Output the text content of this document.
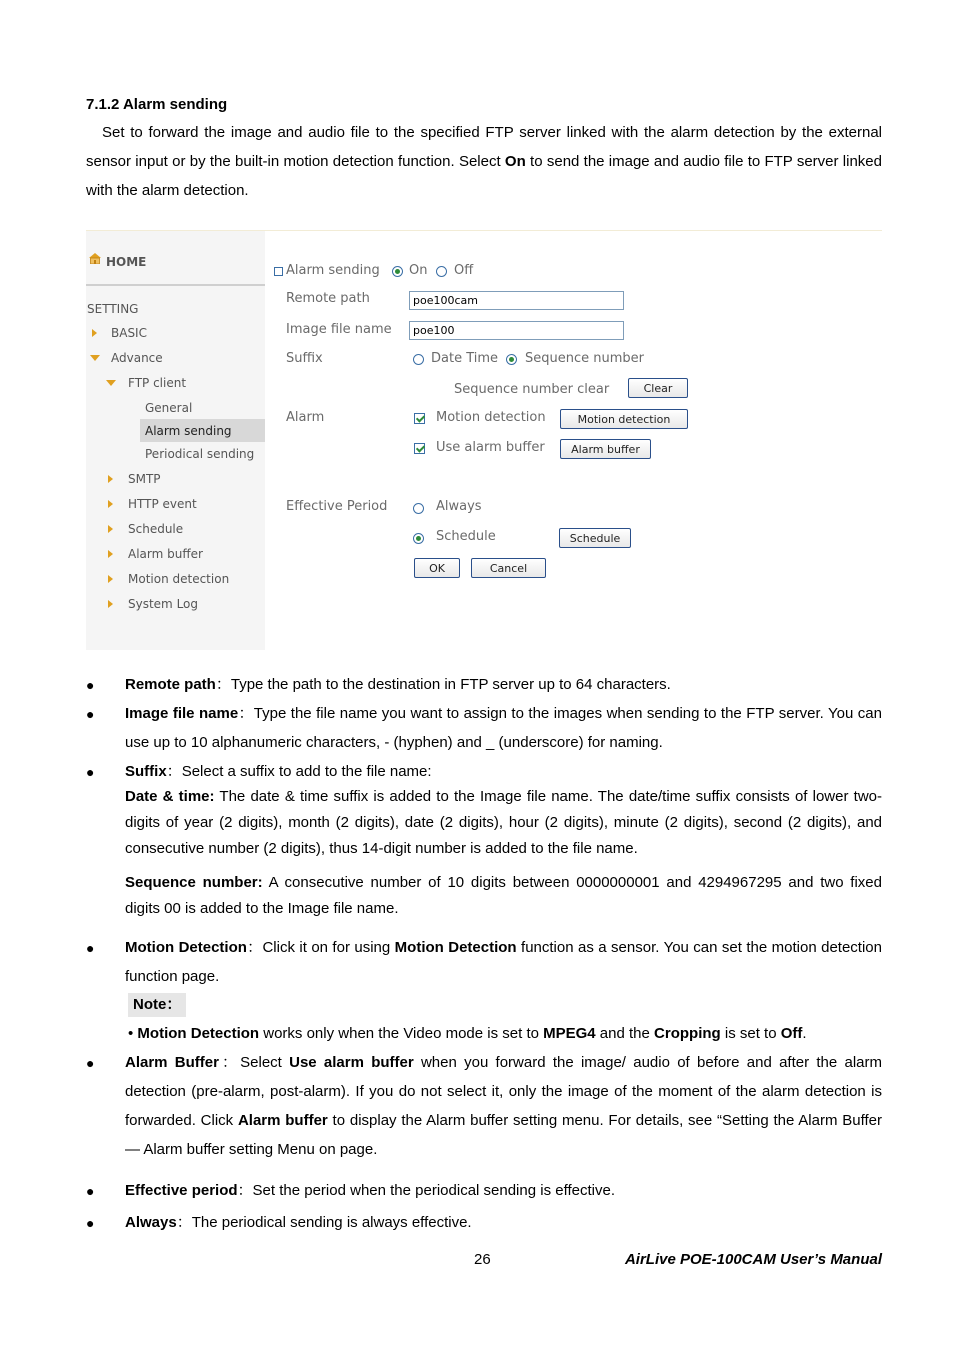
7.1.2 Alarm sending
Set to forward the image and audio file to the specified FTP server linked with the alarm detection by the external sensor input or by the built-in motion detection function. Select On to send the image and audio file to FTP server linked with the alarm detection.
HOME
SETTING
BASIC
Advance
FTP client
General
Alarm sending
Periodical sending
SMTP
HTTP event
Schedule
Alarm buffer
Motion detection
System Log
Alarm sending On Off
Remote path	poe100cam
Image file name	poe100
Suffix	Date Time Sequence number
Sequence number clear	Clear
Alarm	Motion detection	Motion detection
Use alarm buffer	Alarm buffer
Effective Period	Always
Schedule	Schedule
OK	Cancel
● Remote path：Type the path to the destination in FTP server up to 64 characters.
● Image file name：Type the file name you want to assign to the images when sending to the FTP server. You can use up to 10 alphanumeric characters, - (hyphen) and _ (underscore) for naming.
● Suffix：Select a suffix to add to the file name:
Date & time: The date & time suffix is added to the Image file name. The date/time suffix consists of lower two-digits of year (2 digits), month (2 digits), date (2 digits), hour (2 digits), minute (2 digits), second (2 digits), and consecutive number (2 digits), thus 14-digit number is added to the file name.
Sequence number: A consecutive number of 10 digits between 0000000001 and 4294967295 and two fixed digits 00 is added to the Image file name.
● Motion Detection：Click it on for using Motion Detection function as a sensor. You can set the motion detection function page.
Note：
• Motion Detection works only when the Video mode is set to MPEG4 and the Cropping is set to Off.
● Alarm Buffer：Select Use alarm buffer when you forward the image/ audio of before and after the alarm detection (pre-alarm, post-alarm). If you do not select it, only the image of the moment of the alarm detection is forwarded. Click Alarm buffer to display the Alarm buffer setting menu. For details, see “Setting the Alarm Buffer — Alarm buffer setting Menu on page.
● Effective period：Set the period when the periodical sending is effective.
● Always：The periodical sending is always effective.
26	AirLive POE-100CAM User’s Manual
